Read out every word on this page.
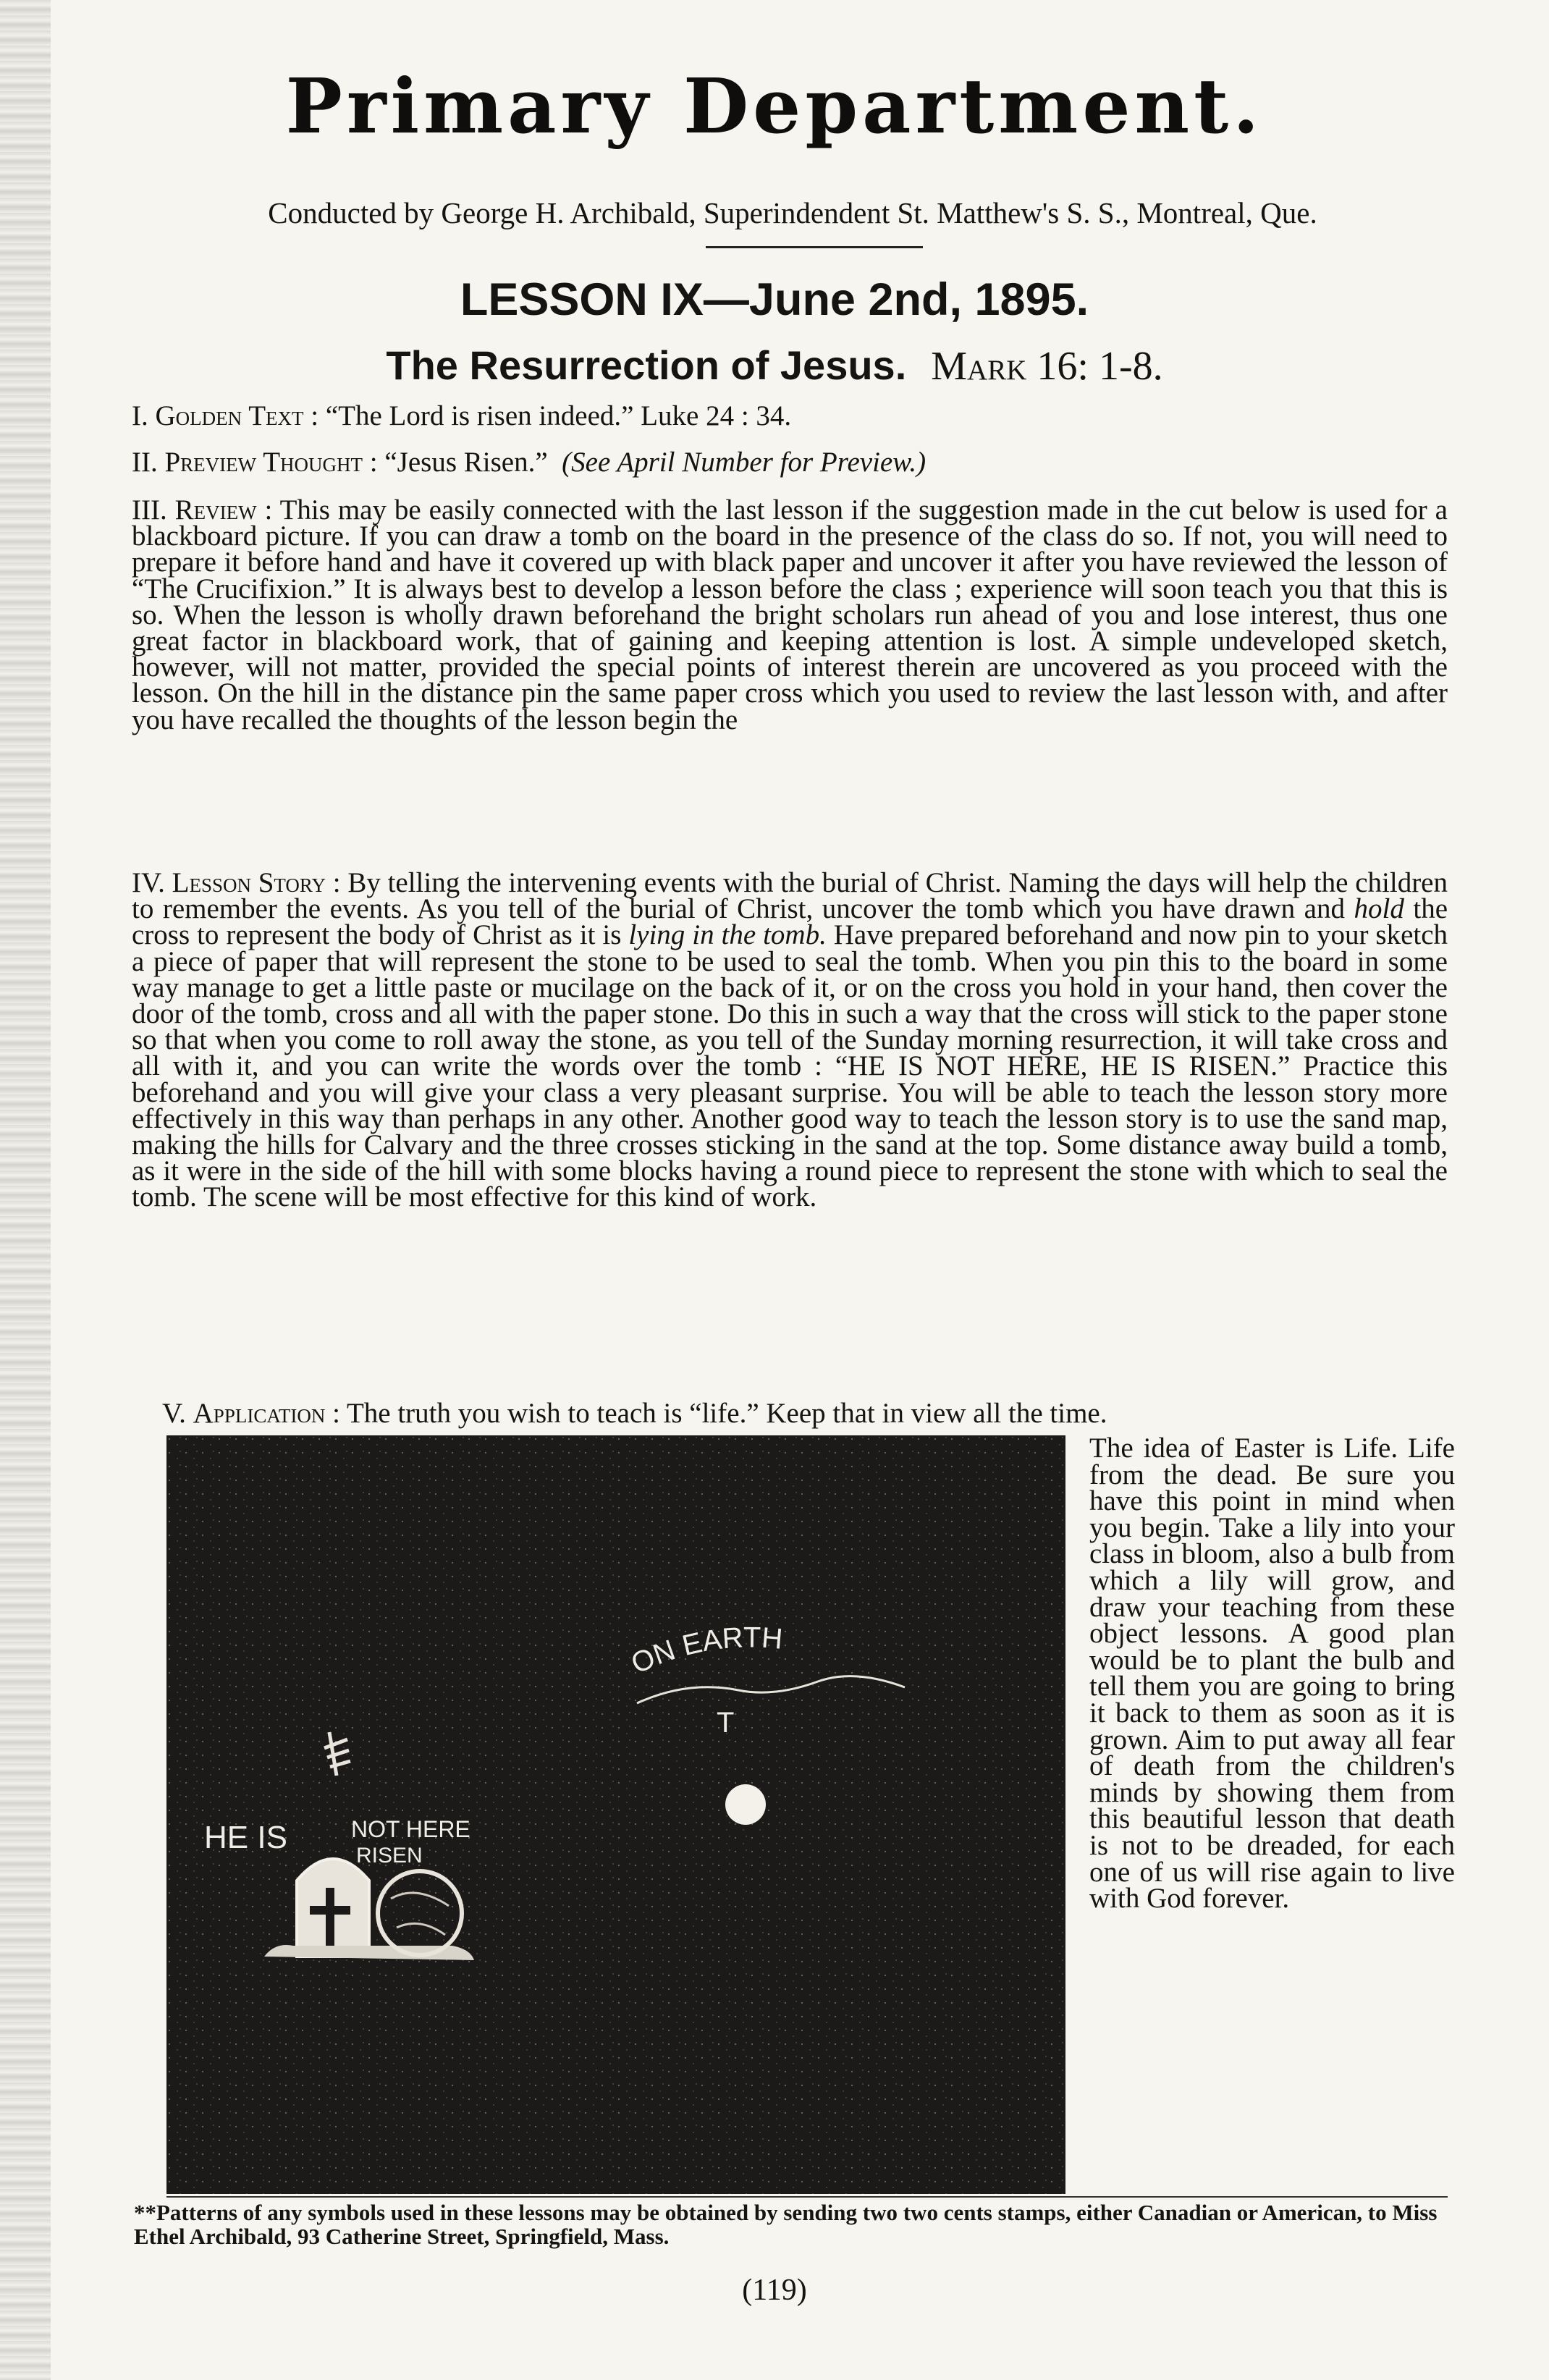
Primary Department.
Conducted by George H. Archibald, Superindendent St. Matthew's S. S., Montreal, Que.
LESSON IX—June 2nd, 1895.
The Resurrection of Jesus. Mark 16: 1-8.
I. Golden Text : “The Lord is risen indeed.” Luke 24 : 34.
II. Preview Thought : “Jesus Risen.” (See April Number for Preview.)
III. Review : This may be easily connected with the last lesson if the suggestion made in the cut below is used for a blackboard picture. If you can draw a tomb on the board in the presence of the class do so. If not, you will need to prepare it before hand and have it covered up with black paper and uncover it after you have reviewed the lesson of “The Crucifixion.” It is always best to develop a lesson before the class ; experience will soon teach you that this is so. When the lesson is wholly drawn beforehand the bright scholars run ahead of you and lose interest, thus one great factor in blackboard work, that of gaining and keeping attention is lost. A simple undeveloped sketch, however, will not matter, provided the special points of interest therein are uncovered as you proceed with the lesson. On the hill in the distance pin the same paper cross which you used to review the last lesson with, and after you have recalled the thoughts of the lesson begin the
IV. Lesson Story : By telling the intervening events with the burial of Christ. Naming the days will help the children to remember the events. As you tell of the burial of Christ, uncover the tomb which you have drawn and hold the cross to represent the body of Christ as it is lying in the tomb. Have prepared beforehand and now pin to your sketch a piece of paper that will represent the stone to be used to seal the tomb. When you pin this to the board in some way manage to get a little paste or mucilage on the back of it, or on the cross you hold in your hand, then cover the door of the tomb, cross and all with the paper stone. Do this in such a way that the cross will stick to the paper stone so that when you come to roll away the stone, as you tell of the Sunday morning resurrection, it will take cross and all with it, and you can write the words over the tomb : “HE IS NOT HERE, HE IS RISEN.” Practice this beforehand and you will give your class a very pleasant surprise. You will be able to teach the lesson story more effectively in this way than perhaps in any other. Another good way to teach the lesson story is to use the sand map, making the hills for Calvary and the three crosses sticking in the sand at the top. Some distance away build a tomb, as it were in the side of the hill with some blocks having a round piece to represent the stone with which to seal the tomb. The scene will be most effective for this kind of work.
V. Application : The truth you wish to teach is “life.” Keep that in view all the time.
ON EARTH
T
HE IS	NOT HERE
RISEN
The idea of Easter is Life. Life from the dead. Be sure you have this point in mind when you begin. Take a lily into your class in bloom, also a bulb from which a lily will grow, and draw your teaching from these object lessons. A good plan would be to plant the bulb and tell them you are going to bring it back to them as soon as it is grown. Aim to put away all fear of death from the children's minds by showing them from this beautiful lesson that death is not to be dreaded, for each one of us will rise again to live with God forever.
**Patterns of any symbols used in these lessons may be obtained by sending two two cents stamps, either Canadian or American, to Miss Ethel Archibald, 93 Catherine Street, Springfield, Mass.
(119)
